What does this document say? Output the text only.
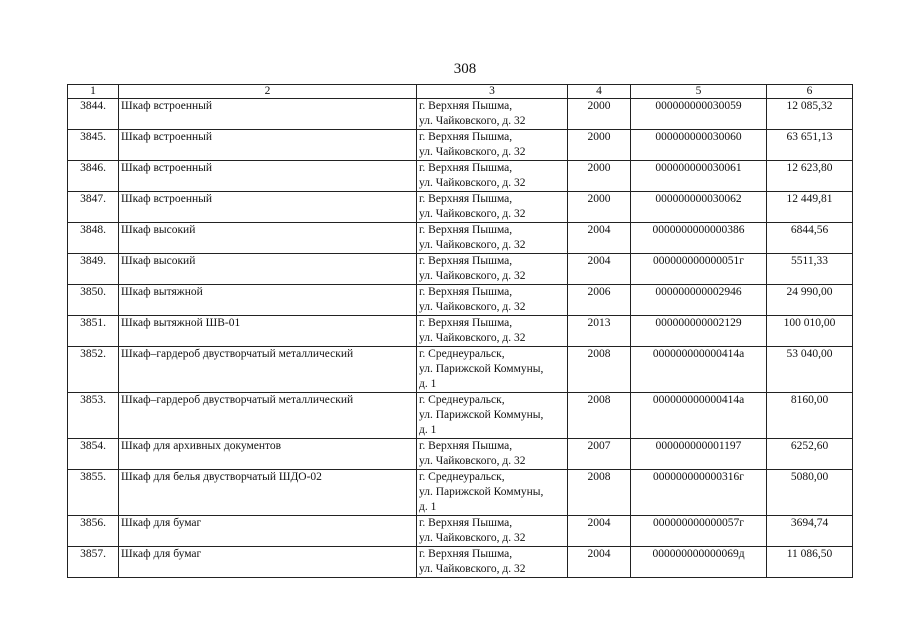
308
1	2	3	4	5	6
3844.	Шкаф встроенный	г. Верхняя Пышма,
ул. Чайковского, д. 32	2000	000000000030059	12 085,32
3845.	Шкаф встроенный	г. Верхняя Пышма,
ул. Чайковского, д. 32	2000	000000000030060	63 651,13
3846.	Шкаф встроенный	г. Верхняя Пышма,
ул. Чайковского, д. 32	2000	000000000030061	12 623,80
3847.	Шкаф встроенный	г. Верхняя Пышма,
ул. Чайковского, д. 32	2000	000000000030062	12 449,81
3848.	Шкаф высокий	г. Верхняя Пышма,
ул. Чайковского, д. 32	2004	0000000000000386	6844,56
3849.	Шкаф высокий	г. Верхняя Пышма,
ул. Чайковского, д. 32	2004	000000000000051г	5511,33
3850.	Шкаф вытяжной	г. Верхняя Пышма,
ул. Чайковского, д. 32	2006	000000000002946	24 990,00
3851.	Шкаф вытяжной ШВ-01	г. Верхняя Пышма,
ул. Чайковского, д. 32	2013	000000000002129	100 010,00
3852.	Шкаф–гардероб двустворчатый металлический	г. Среднеуральск,
ул. Парижской Коммуны,
д. 1	2008	000000000000414а	53 040,00
3853.	Шкаф–гардероб двустворчатый металлический	г. Среднеуральск,
ул. Парижской Коммуны,
д. 1	2008	000000000000414а	8160,00
3854.	Шкаф для архивных документов	г. Верхняя Пышма,
ул. Чайковского, д. 32	2007	000000000001197	6252,60
3855.	Шкаф для белья двустворчатый ШДО-02	г. Среднеуральск,
ул. Парижской Коммуны,
д. 1	2008	000000000000316г	5080,00
3856.	Шкаф для бумаг	г. Верхняя Пышма,
ул. Чайковского, д. 32	2004	000000000000057г	3694,74
3857.	Шкаф для бумаг	г. Верхняя Пышма,
ул. Чайковского, д. 32	2004	000000000000069д	11 086,50
